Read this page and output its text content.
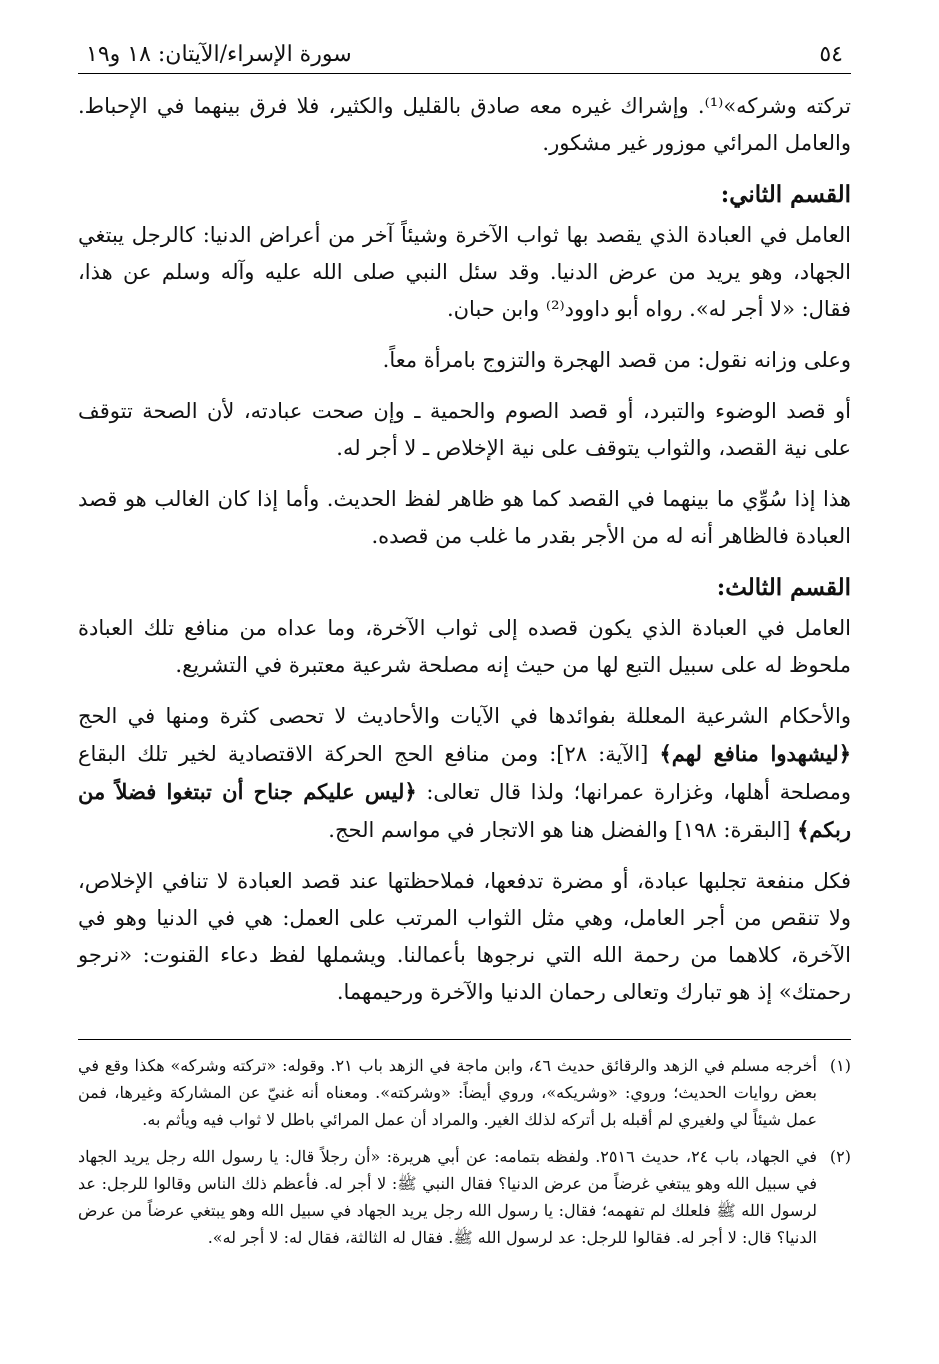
٥٤
سورة الإسراء/الآيتان: ١٨ و١٩

تركته وشركه»⁽¹⁾. وإشراك غيره معه صادق بالقليل والكثير، فلا فرق بينهما في الإحباط. والعامل المرائي موزور غير مشكور.

القسم الثاني:

العامل في العبادة الذي يقصد بها ثواب الآخرة وشيئاً آخر من أعراض الدنيا: كالرجل يبتغي الجهاد، وهو يريد من عرض الدنيا. وقد سئل النبي صلى الله عليه وآله وسلم عن هذا، فقال: «لا أجر له». رواه أبو داوود⁽²⁾ وابن حبان.

وعلى وزانه نقول: من قصد الهجرة والتزوج بامرأة معاً.

أو قصد الوضوء والتبرد، أو قصد الصوم والحمية ـ وإن صحت عبادته، لأن الصحة تتوقف على نية القصد، والثواب يتوقف على نية الإخلاص ـ لا أجر له.

هذا إذا سُوِّي ما بينهما في القصد كما هو ظاهر لفظ الحديث. وأما إذا كان الغالب هو قصد العبادة فالظاهر أنه له من الأجر بقدر ما غلب من قصده.

القسم الثالث:

العامل في العبادة الذي يكون قصده إلى ثواب الآخرة، وما عداه من منافع تلك العبادة ملحوظ له على سبيل التبع لها من حيث إنه مصلحة شرعية معتبرة في التشريع.

والأحكام الشرعية المعللة بفوائدها في الآيات والأحاديث لا تحصى كثرة ومنها في الحج ﴿ليشهدوا منافع لهم﴾ [الآية: ٢٨]: ومن منافع الحج الحركة الاقتصادية لخير تلك البقاع ومصلحة أهلها، وغزارة عمرانها؛ ولذا قال تعالى: ﴿ليس عليكم جناح أن تبتغوا فضلاً من ربكم﴾ [البقرة: ١٩٨] والفضل هنا هو الاتجار في مواسم الحج.

فكل منفعة تجلبها عبادة، أو مضرة تدفعها، فملاحظتها عند قصد العبادة لا تنافي الإخلاص، ولا تنقص من أجر العامل، وهي مثل الثواب المرتب على العمل: هي في الدنيا وهو في الآخرة، كلاهما من رحمة الله التي نرجوها بأعمالنا. ويشملها لفظ دعاء القنوت: «نرجو رحمتك» إذ هو تبارك وتعالى رحمان الدنيا والآخرة ورحيمهما.

(١)
أخرجه مسلم في الزهد والرقائق حديث ٤٦، وابن ماجة في الزهد باب ٢١. وقوله: «تركته وشركه» هكذا وقع في بعض روايات الحديث؛ وروي: «وشريكه»، وروي أيضاً: «وشركته». ومعناه أنه غنيّ عن المشاركة وغيرها، فمن عمل شيئاً لي ولغيري لم أقبله بل أتركه لذلك الغير. والمراد أن عمل المرائي باطل لا ثواب فيه ويأثم به.

(٢)
في الجهاد، باب ٢٤، حديث ٢٥١٦. ولفظه بتمامه: عن أبي هريرة: «أن رجلاً قال: يا رسول الله رجل يريد الجهاد في سبيل الله وهو يبتغي غرضاً من عرض الدنيا؟ فقال النبي ﷺ: لا أجر له. فأعظم ذلك الناس وقالوا للرجل: عد لرسول الله ﷺ فلعلك لم تفهمه؛ فقال: يا رسول الله رجل يريد الجهاد في سبيل الله وهو يبتغي عرضاً من عرض الدنيا؟ قال: لا أجر له. فقالوا للرجل: عد لرسول الله ﷺ. فقال له الثالثة، فقال له: لا أجر له».
